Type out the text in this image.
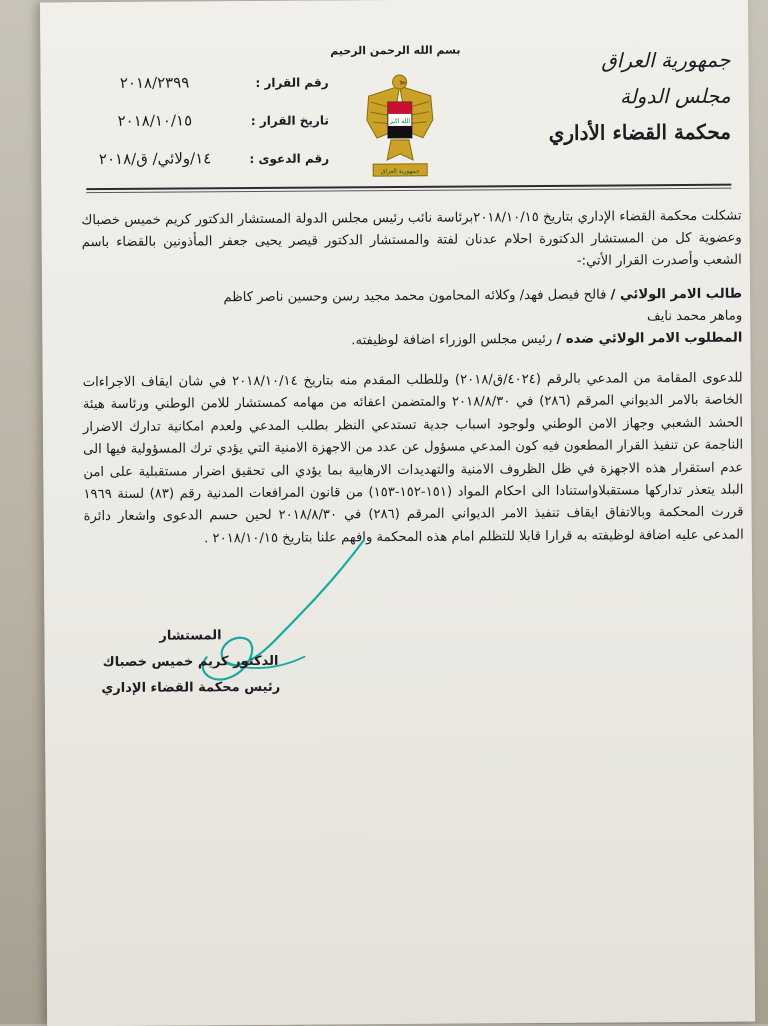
بسم الله الرحمن الرحيم
الله اكبر
جمهورية العراق
جمهورية العراق
مجلس الدولة
محكمة القضاء الأداري
رقم القرار :
٢٠١٨/٢٣٩٩
تاريخ القرار :
٢٠١٨/١٠/١٥
رقم الدعوى :
١٤/ولائي/ ق/٢٠١٨
تشكلت محكمة القضاء الإداري بتاريخ ٢٠١٨/١٠/١٥برئاسة نائب رئيس مجلس الدولة المستشار الدكتور كريم خميس خصباك وعضوية كل من المستشار الدكتورة احلام عدنان لفتة والمستشار الدكتور قيصر يحيى جعفر المأذونين بالقضاء باسم الشعب وأصدرت القرار الأتي:-
طالب الامر الولائي / فالح فيصل فهد/ وكلائه المحامون محمد مجيد رسن وحسين ناصر كاظم
وماهر محمد نايف
المطلوب الامر الولائي ضده / رئيس مجلس الوزراء اضافة لوظيفته.
للدعوى المقامة من المدعي بالرقم (٤٠٢٤/ق/٢٠١٨) وللطلب المقدم منه بتاريخ ٢٠١٨/١٠/١٤ في شان ايقاف الاجراءات الخاصة بالامر الديواني المرقم (٢٨٦) في ٢٠١٨/٨/٣٠ والمتضمن اعفائه من مهامه كمستشار للامن الوطني ورئاسة هيئة الحشد الشعبي وجهاز الامن الوطني ولوجود اسباب جدية تستدعي النظر بطلب المدعي ولعدم امكانية تدارك الاضرار الناجمة عن تنفيذ القرار المطعون فيه كون المدعي مسؤول عن عدد من الاجهزة الامنية التي يؤدي ترك المسؤولية فيها الى عدم استقرار هذه الاجهزة في ظل الظروف الامنية والتهديدات الارهابية بما يؤدي الى تحقيق اضرار مستقبلية على امن البلد يتعذر تداركها مستقبلاواستنادا الى احكام المواد (١٥١-١٥٢-١٥٣) من قانون المرافعات المدنية رقم (٨٣) لسنة ١٩٦٩ قررت المحكمة وبالاتفاق ايقاف تنفيذ الامر الديواني المرقم (٢٨٦) في ٢٠١٨/٨/٣٠ لحين حسم الدعوى واشعار دائرة المدعى عليه اضافة لوظيفته به قرارا قابلا للتظلم امام هذه المحكمة وافهم علنا بتاريخ ٢٠١٨/١٠/١٥ .
المستشار
الدكتور كريم خميس خصباك
رئيس محكمة القضاء الإداري
